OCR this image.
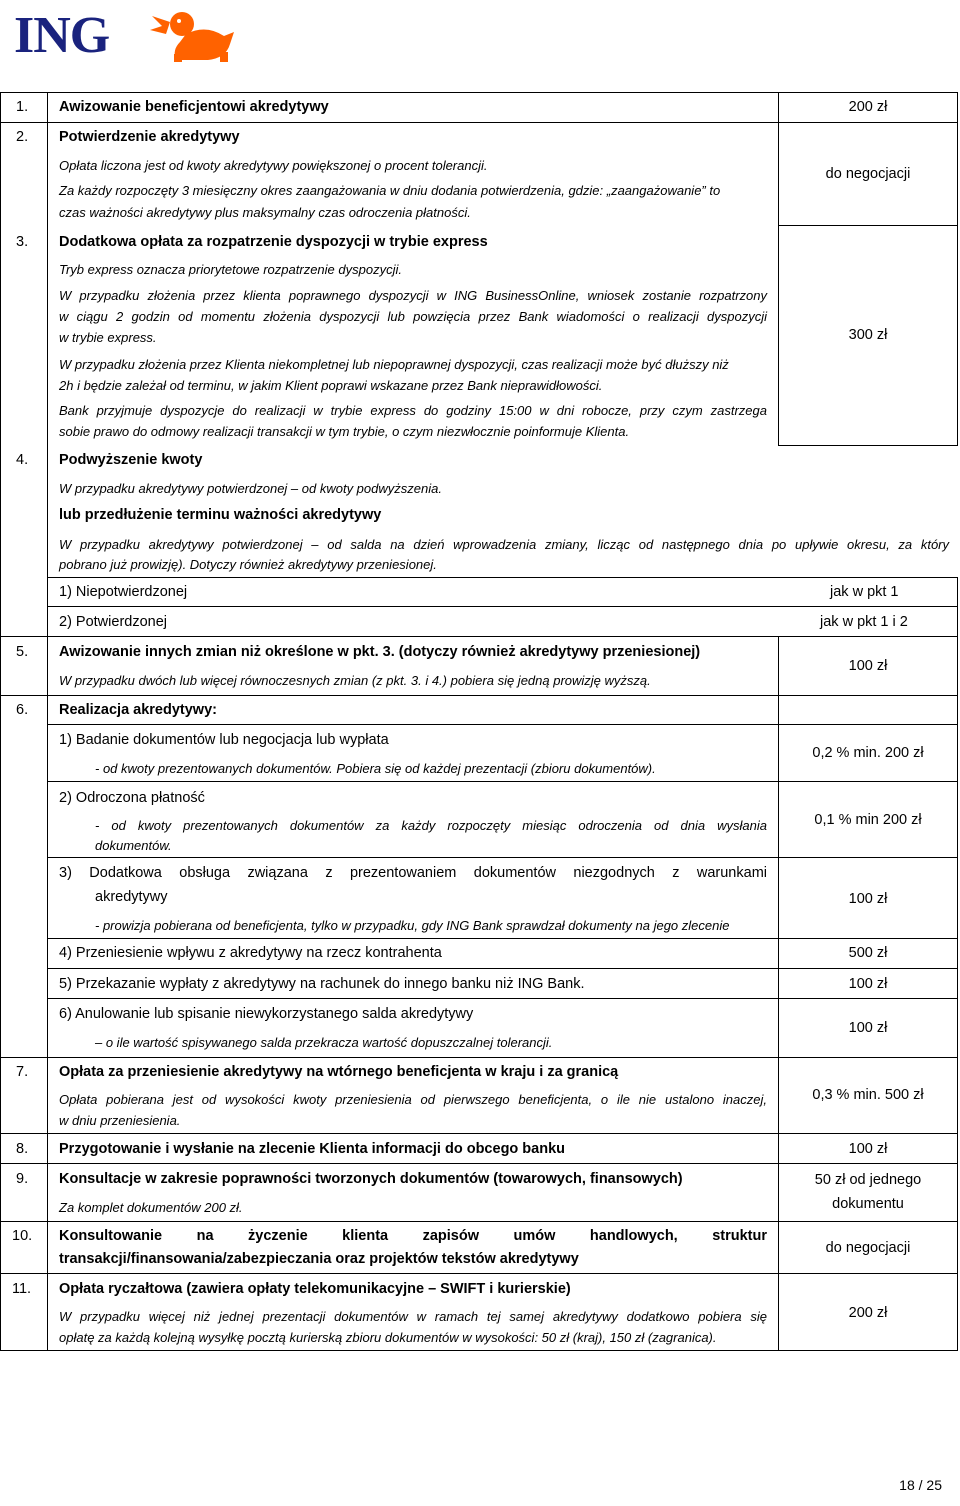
ING
1. Awizowanie beneficjentowi akredytywy	200 zł
2. Potwierdzenie akredytywy
Opłata liczona jest od kwoty akredytywy powiększonej o procent tolerancji.
Za każdy rozpoczęty 3 miesięczny okres zaangażowania w dniu dodania potwierdzenia, gdzie: „zaangażowanie” to
czas ważności akredytywy plus maksymalny czas odroczenia płatności.
do negocjacji
3. Dodatkowa opłata za rozpatrzenie dyspozycji w trybie express
Tryb express oznacza priorytetowe rozpatrzenie dyspozycji.
W przypadku złożenia przez klienta poprawnego dyspozycji w ING BusinessOnline, wniosek zostanie rozpatrzony
w ciągu 2 godzin od momentu złożenia dyspozycji lub powzięcia przez Bank wiadomości o realizacji dyspozycji
w trybie express.
W przypadku złożenia przez Klienta niekompletnej lub niepoprawnej dyspozycji, czas realizacji może być dłuższy niż
2h i będzie zależał od terminu, w jakim Klient poprawi wskazane przez Bank nieprawidłowości.
Bank przyjmuje dyspozycje do realizacji w trybie express do godziny 15:00 w dni robocze, przy czym zastrzega
sobie prawo do odmowy realizacji transakcji w tym trybie, o czym niezwłocznie poinformuje Klienta.
300 zł
4. Podwyższenie kwoty
W przypadku akredytywy potwierdzonej – od kwoty podwyższenia.
lub przedłużenie terminu ważności akredytywy
W przypadku akredytywy potwierdzonej – od salda na dzień wprowadzenia zmiany, licząc od następnego dnia po upływie okresu, za który
pobrano już prowizję). Dotyczy również akredytywy przeniesionej.
1) Niepotwierdzonej	jak w pkt 1
2) Potwierdzonej	jak w pkt 1 i 2
5. Awizowanie innych zmian niż określone w pkt. 3. (dotyczy również akredytywy przeniesionej)
W przypadku dwóch lub więcej równoczesnych zmian (z pkt. 3. i 4.) pobiera się jedną prowizję wyższą.
100 zł
6. Realizacja akredytywy:
1) Badanie dokumentów lub negocjacja lub wypłata
- od kwoty prezentowanych dokumentów. Pobiera się od każdej prezentacji (zbioru dokumentów).
0,2 % min. 200 zł
2) Odroczona płatność
- od kwoty prezentowanych dokumentów za każdy rozpoczęty miesiąc odroczenia od dnia wysłania
dokumentów.
0,1 % min 200 zł
3) Dodatkowa obsługa związana z prezentowaniem dokumentów niezgodnych z warunkami
akredytywy
- prowizja pobierana od beneficjenta, tylko w przypadku, gdy ING Bank sprawdzał dokumenty na jego zlecenie
100 zł
4) Przeniesienie wpływu z akredytywy na rzecz kontrahenta	500 zł
5) Przekazanie wypłaty z akredytywy na rachunek do innego banku niż ING Bank.	100 zł
6) Anulowanie lub spisanie niewykorzystanego salda akredytywy
– o ile wartość spisywanego salda przekracza wartość dopuszczalnej tolerancji.
100 zł
7. Opłata za przeniesienie akredytywy na wtórnego beneficjenta w kraju i za granicą
Opłata pobierana jest od wysokości kwoty przeniesienia od pierwszego beneficjenta, o ile nie ustalono inaczej,
w dniu przeniesienia.
0,3 % min. 500 zł
8. Przygotowanie i wysłanie na zlecenie Klienta informacji do obcego banku	100 zł
9. Konsultacje w zakresie poprawności tworzonych dokumentów (towarowych, finansowych)
Za komplet dokumentów 200 zł.
50 zł od jednego
dokumentu
10. Konsultowanie na życzenie klienta zapisów umów handlowych, struktur
transakcji/finansowania/zabezpieczania oraz projektów tekstów akredytywy
do negocjacji
11. Opłata ryczałtowa (zawiera opłaty telekomunikacyjne – SWIFT i kurierskie)
W przypadku więcej niż jednej prezentacji dokumentów w ramach tej samej akredytywy dodatkowo pobiera się
opłatę za każdą kolejną wysyłkę pocztą kurierską zbioru dokumentów w wysokości: 50 zł (kraj), 150 zł (zagranica).
200 zł
18 / 25
